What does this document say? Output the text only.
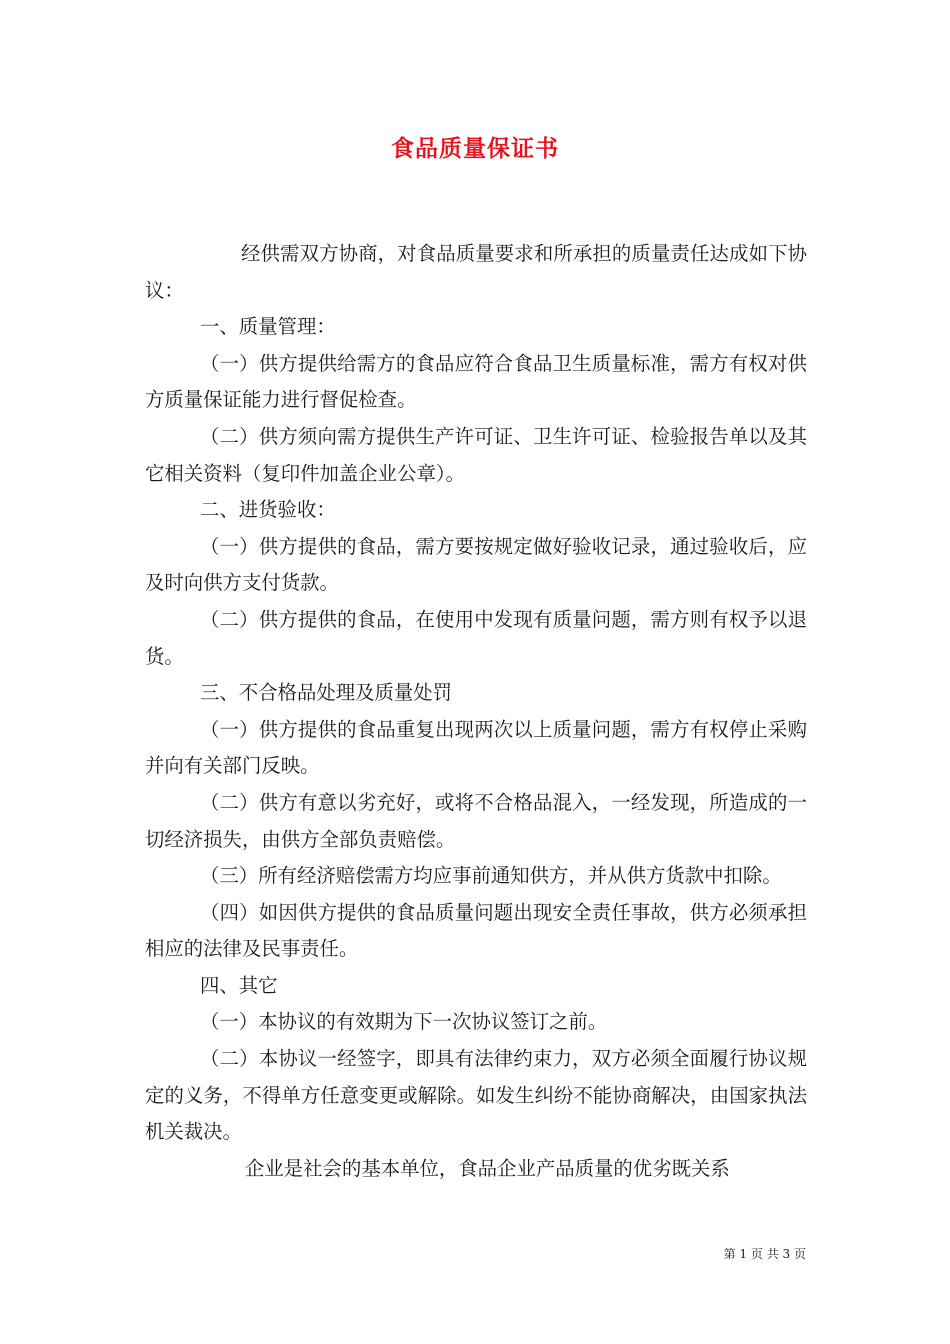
食品质量保证书

经供需双方协商，对食品质量要求和所承担的质量责任达成如下协议：

一、质量管理：

（一）供方提供给需方的食品应符合食品卫生质量标准，需方有权对供方质量保证能力进行督促检查。

（二）供方须向需方提供生产许可证、卫生许可证、检验报告单以及其它相关资料（复印件加盖企业公章）。

二、进货验收：

（一）供方提供的食品，需方要按规定做好验收记录，通过验收后，应及时向供方支付货款。

（二）供方提供的食品，在使用中发现有质量问题，需方则有权予以退货。

三、不合格品处理及质量处罚

（一）供方提供的食品重复出现两次以上质量问题，需方有权停止采购并向有关部门反映。

（二）供方有意以劣充好，或将不合格品混入，一经发现，所造成的一切经济损失，由供方全部负责赔偿。

（三）所有经济赔偿需方均应事前通知供方，并从供方货款中扣除。

（四）如因供方提供的食品质量问题出现安全责任事故，供方必须承担相应的法律及民事责任。

四、其它

（一）本协议的有效期为下一次协议签订之前。

（二）本协议一经签字，即具有法律约束力，双方必须全面履行协议规定的义务，不得单方任意变更或解除。如发生纠纷不能协商解决，由国家执法机关裁决。

企业是社会的基本单位，食品企业产品质量的优劣既关系

第 1 页 共 3 页
